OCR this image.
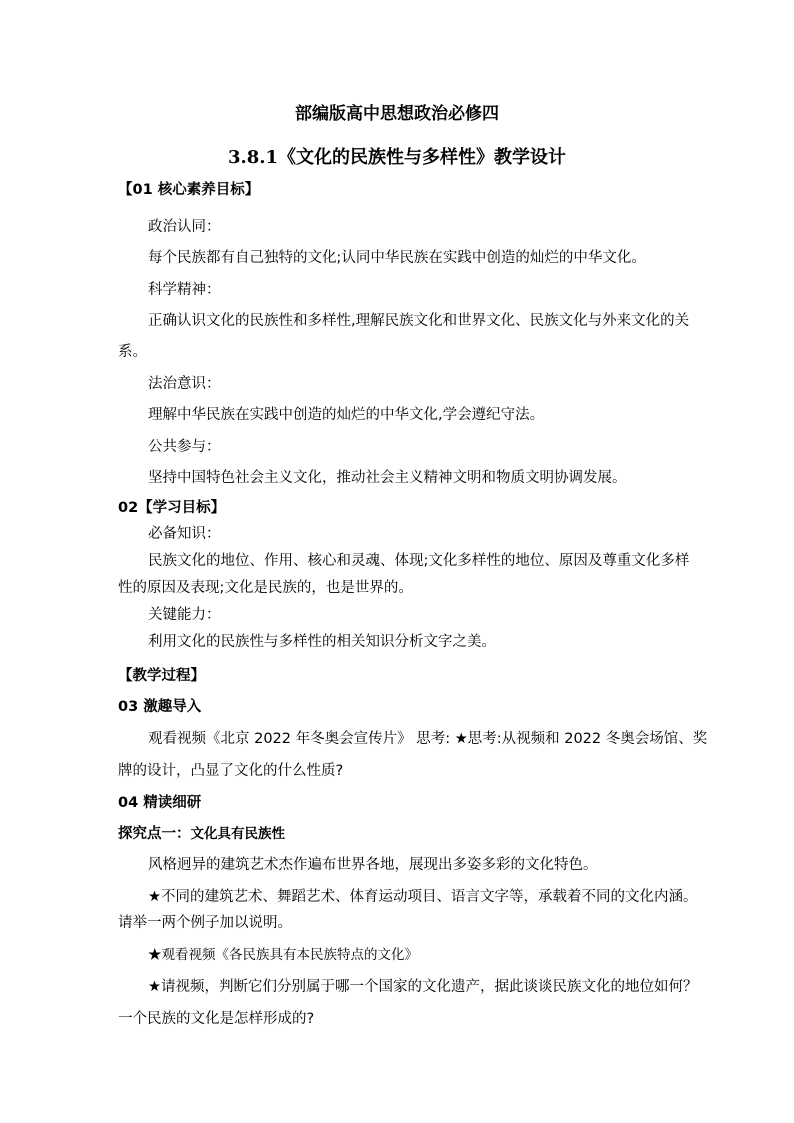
部编版高中思想政治必修四
3.8.1《文化的民族性与多样性》教学设计
【01 核心素养目标】
政治认同：
每个民族都有自己独特的文化;认同中华民族在实践中创造的灿烂的中华文化。
科学精神：
正确认识文化的民族性和多样性,理解民族文化和世界文化、民族文化与外来文化的关
系。
法治意识：
理解中华民族在实践中创造的灿烂的中华文化,学会遵纪守法。
公共参与：
坚持中国特色社会主义文化，推动社会主义精神文明和物质文明协调发展。
02【学习目标】
必备知识：
民族文化的地位、作用、核心和灵魂、体现;文化多样性的地位、原因及尊重文化多样
性的原因及表现;文化是民族的，也是世界的。
关键能力：
利用文化的民族性与多样性的相关知识分析文字之美。
【教学过程】
03 激趣导入
观看视频《北京 2022 年冬奥会宣传片》 思考: ★思考:从视频和 2022 冬奥会场馆、奖
牌的设计，凸显了文化的什么性质?
04 精读细研
探究点一：文化具有民族性
风格迥异的建筑艺术杰作遍布世界各地，展现出多姿多彩的文化特色。
★不同的建筑艺术、舞蹈艺术、体育运动项目、语言文字等，承载着不同的文化内涵。
请举一两个例子加以说明。
★观看视频《各民族具有本民族特点的文化》
★请视频，判断它们分别属于哪一个国家的文化遗产，据此谈谈民族文化的地位如何？
一个民族的文化是怎样形成的?
